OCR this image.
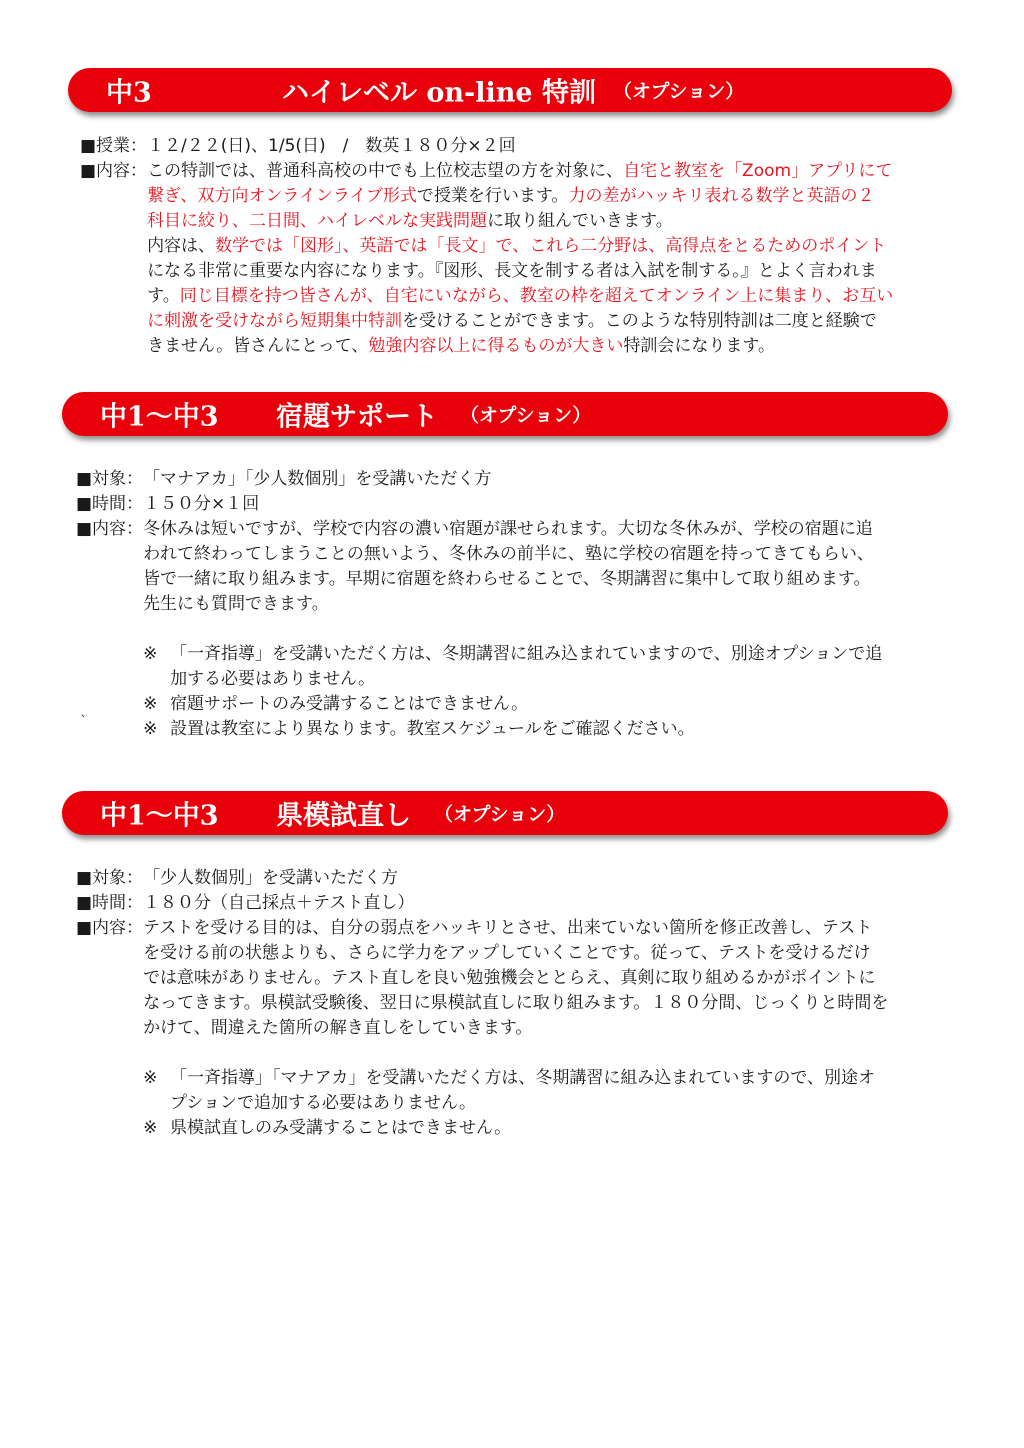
中3	ハイレベル on-line 特訓 （オプション）
■授業： １２/２２(日)、1/5(日)　/　数英１８０分×２回
■内容： この特訓では、普通科高校の中でも上位校志望の方を対象に、自宅と教室を「Zoom」アプリにて
繋ぎ、双方向オンラインライブ形式で授業を行います。力の差がハッキリ表れる数学と英語の２
科目に絞り、二日間、ハイレベルな実践問題に取り組んでいきます。
内容は、数学では「図形」、英語では「長文」で、これら二分野は、高得点をとるためのポイント
になる非常に重要な内容になります。『図形、長文を制する者は入試を制する。』とよく言われま
す。同じ目標を持つ皆さんが、自宅にいながら、教室の枠を超えてオンライン上に集まり、お互い
に刺激を受けながら短期集中特訓を受けることができます。このような特別特訓は二度と経験で
きません。皆さんにとって、勉強内容以上に得るものが大きい特訓会になります。
中1～中3 宿題サポート （オプション）
■対象： 「マナアカ」「少人数個別」を受講いただく方
■時間： １５０分×１回
■内容： 冬休みは短いですが、学校で内容の濃い宿題が課せられます。大切な冬休みが、学校の宿題に追
われて終わってしまうことの無いよう、冬休みの前半に、塾に学校の宿題を持ってきてもらい、
皆で一緒に取り組みます。早期に宿題を終わらせることで、冬期講習に集中して取り組めます。
先生にも質問できます。
※ 「一斉指導」を受講いただく方は、冬期講習に組み込まれていますので、別途オプションで追
加する必要はありません。
※ 宿題サポートのみ受講することはできません。
※ 設置は教室により異なります。教室スケジュールをご確認ください。
`
中1～中3 県模試直し （オプション）
■対象： 「少人数個別」を受講いただく方
■時間： １８０分（自己採点＋テスト直し）
■内容： テストを受ける目的は、自分の弱点をハッキリとさせ、出来ていない箇所を修正改善し、テスト
を受ける前の状態よりも、さらに学力をアップしていくことです。従って、テストを受けるだけ
では意味がありません。テスト直しを良い勉強機会ととらえ、真剣に取り組めるかがポイントに
なってきます。県模試受験後、翌日に県模試直しに取り組みます。１８０分間、じっくりと時間を
かけて、間違えた箇所の解き直しをしていきます。
※ 「一斉指導」「マナアカ」を受講いただく方は、冬期講習に組み込まれていますので、別途オ
プションで追加する必要はありません。
※ 県模試直しのみ受講することはできません。
